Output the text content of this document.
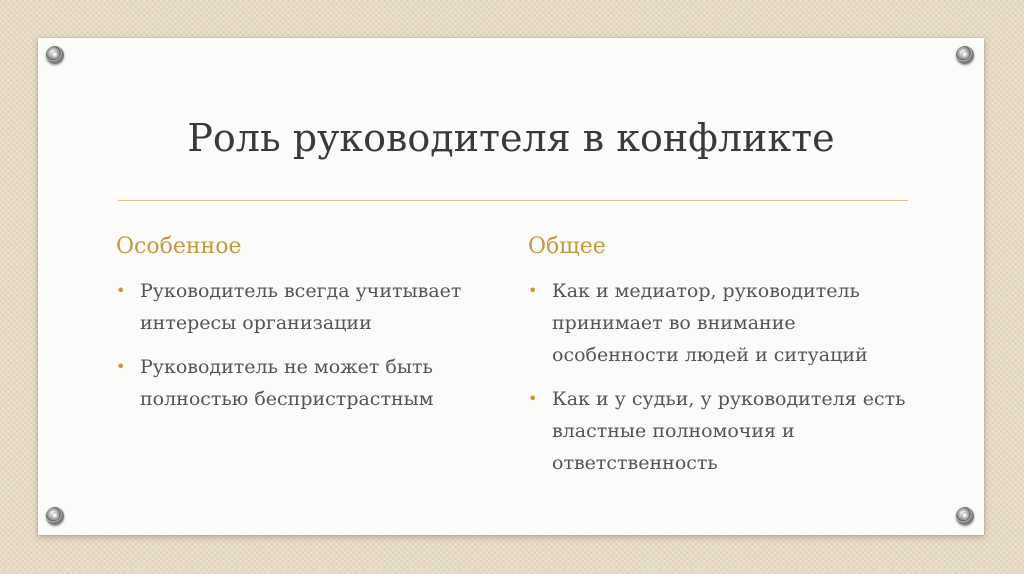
Роль руководителя в конфликте
Особенное
• Руководитель всегда учитывает интересы организации
• Руководитель не может быть полностью беспристрастным
Общее
• Как и медиатор, руководитель принимает во внимание особенности людей и ситуаций
• Как и у судьи, у руководителя есть властные полномочия и ответственность
